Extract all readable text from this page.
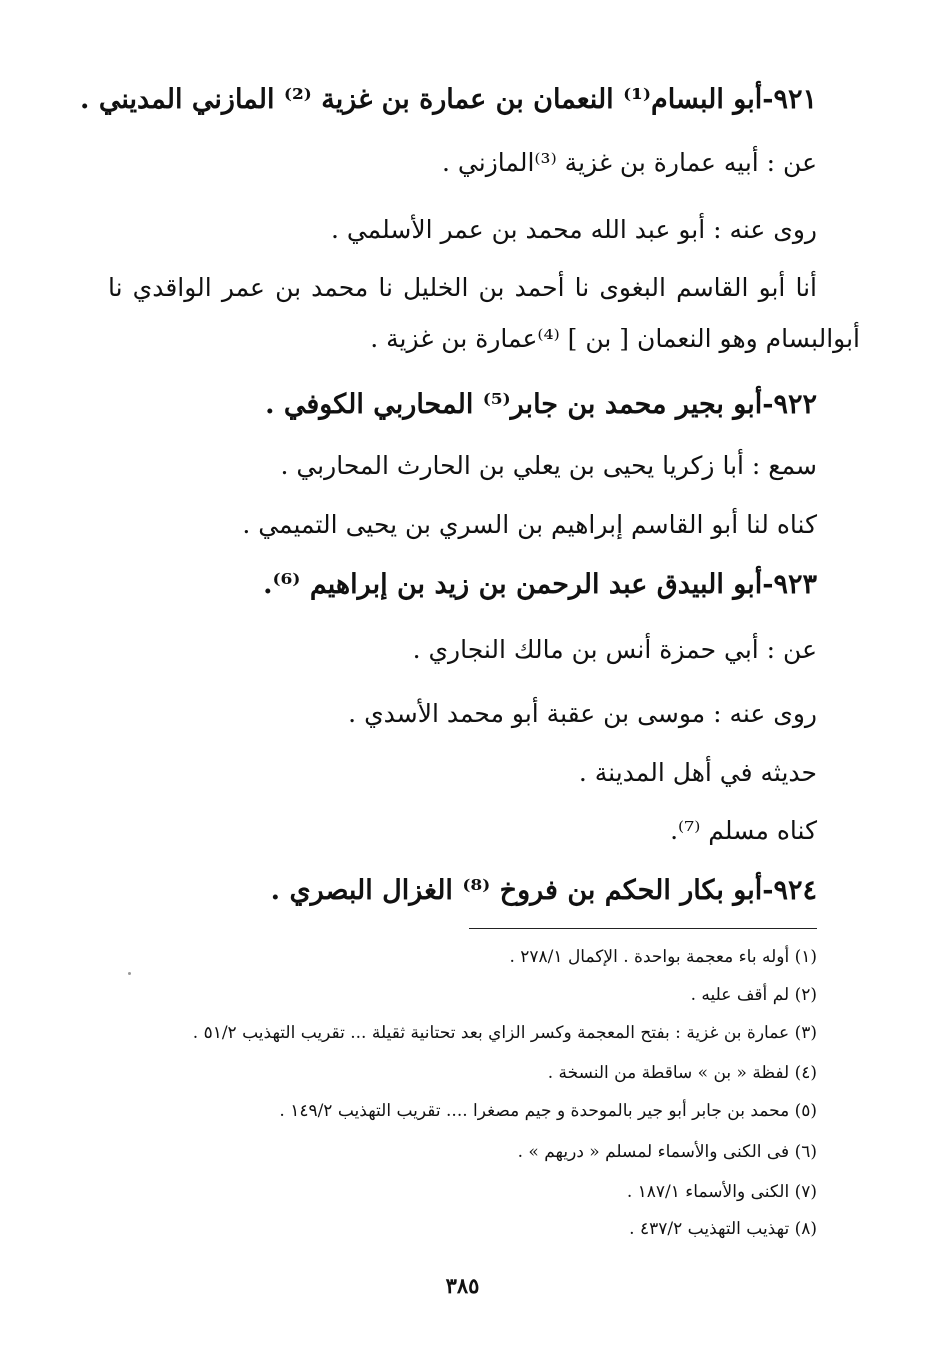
٩٢١-أبو البسام⁽¹⁾ النعمان بن عمارة بن غزية ⁽²⁾ المازني المديني .
عن : أبيه عمارة بن غزية ⁽³⁾المازني .
روى عنه : أبو عبد الله محمد بن عمر الأسلمي .
أنا أبو القاسم البغوى نا أحمد بن الخليل نا محمد بن عمر الواقدي نا
أبوالبسام وهو النعمان [ بن ] ⁽⁴⁾عمارة بن غزية .
٩٢٢-أبو بجير محمد بن جابر⁽⁵⁾ المحاربي الكوفي .
سمع : أبا زكريا يحيى بن يعلي بن الحارث المحاربي .
كناه لنا أبو القاسم إبراهيم بن السري بن يحيى التميمي .
٩٢٣-أبو البيدق عبد الرحمن بن زيد بن إبراهيم ⁽⁶⁾.
عن : أبي حمزة أنس بن مالك النجاري .
روى عنه : موسى بن عقبة أبو محمد الأسدي .
حديثه في أهل المدينة .
كناه مسلم ⁽⁷⁾.
٩٢٤-أبو بكار الحكم بن فروخ ⁽⁸⁾ الغزال البصري .
(١) أوله باء معجمة بواحدة . الإكمال ٢٧٨/١ .
(٢) لم أقف عليه .
(٣) عمارة بن غزية : بفتح المعجمة وكسر الزاي بعد تحتانية ثقيلة ... تقريب التهذيب ٥١/٢ .
(٤) لفظة « بن » ساقطة من النسخة .
(٥) محمد بن جابر أبو جير بالموحدة و جيم مصغرا .... تقريب التهذيب ١٤٩/٢ .
(٦) فى الكنى والأسماء لمسلم « دريهم » .
(٧) الكنى والأسماء ١٨٧/١ .
(٨) تهذيب التهذيب ٤٣٧/٢ .
٣٨٥
